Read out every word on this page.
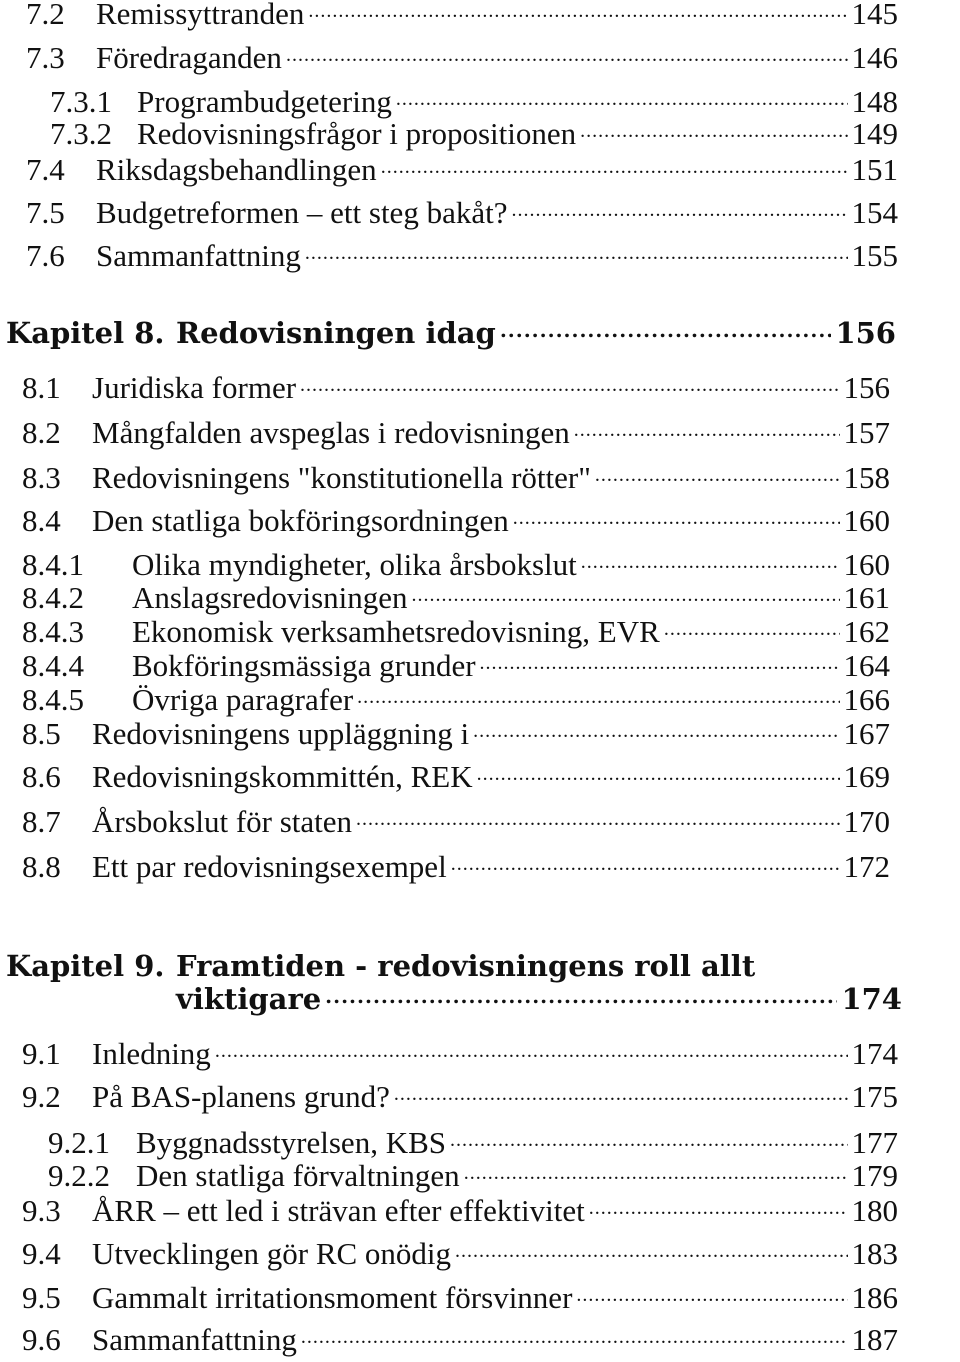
7.2	Remissyttranden .....	145
7.3	Föredraganden .....	146
7.3.1 Programbudgetering .....	148
7.3.2 Redovisningsfrågor i propositionen .....	149
7.4	Riksdagsbehandlingen .....	151
7.5	Budgetreformen – ett steg bakåt? .....	154
7.6	Sammanfattning .....	155
Kapitel 8. Redovisningen idag .....	156
8.1	Juridiska former .....	156
8.2	Mångfalden avspeglas i redovisningen .....	157
8.3	Redovisningens "konstitutionella rötter" .....	158
8.4	Den statliga bokföringsordningen .....	160
8.4.1	Olika myndigheter, olika årsbokslut .....	160
8.4.2	Anslagsredovisningen .....	161
8.4.3	Ekonomisk verksamhetsredovisning, EVR .....	162
8.4.4	Bokföringsmässiga grunder .....	164
8.4.5	Övriga paragrafer .....	166
8.5	Redovisningens uppläggning i .....	167
8.6	Redovisningskommittén, REK .....	169
8.7	Årsbokslut för staten .....	170
8.8	Ett par redovisningsexempel .....	172
Kapitel 9. Framtiden - redovisningens roll allt
viktigare .....	174
9.1	Inledning .....	174
9.2	På BAS-planens grund? .....	175
9.2.1 Byggnadsstyrelsen, KBS .....	177
9.2.2 Den statliga förvaltningen .....	179
9.3	ÅRR – ett led i strävan efter effektivitet .....	180
9.4	Utvecklingen gör RC onödig .....	183
9.5	Gammalt irritationsmoment försvinner .....	186
9.6	Sammanfattning .....	187
